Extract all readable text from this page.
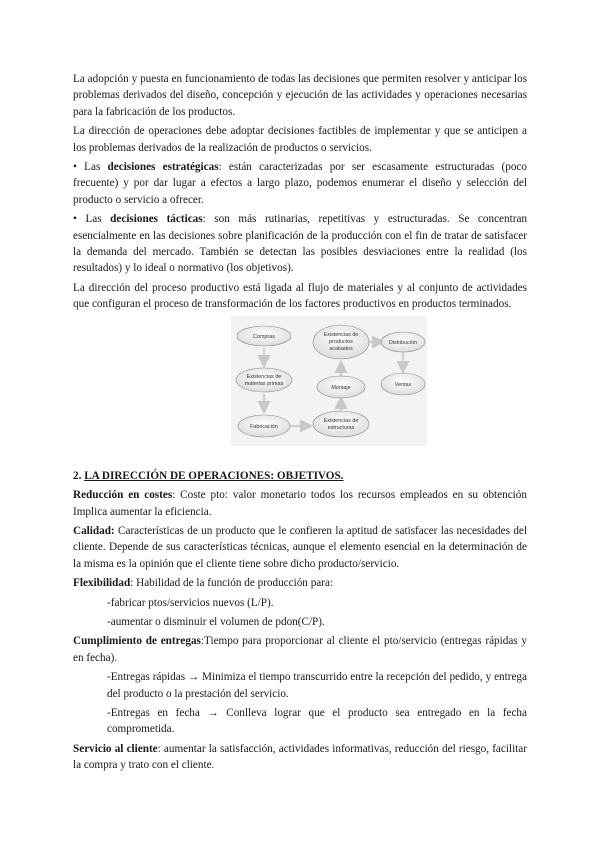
La adopción y puesta en funcionamiento de todas las decisiones que permiten resolver y anticipar los problemas derivados del diseño, concepción y ejecución de las actividades y operaciones necesarias para la fabricación de los productos.

La dirección de operaciones debe adoptar decisiones factibles de implementar y que se anticipen a los problemas derivados de la realización de productos o servicios.

• Las decisiones estratégicas: están caracterizadas por ser escasamente estructuradas (poco frecuente) y por dar lugar a efectos a largo plazo, podemos enumerar el diseño y selección del producto o servicio a ofrecer.

• Las decisiones tácticas: son más rutinarias, repetitivas y estructuradas. Se concentran esencialmente en las decisiones sobre planificación de la producción con el fin de tratar de satisfacer la demanda del mercado. También se detectan las posibles desviaciones entre la realidad (los resultados) y lo ideal o normativo (los objetivos).

La dirección del proceso productivo está ligada al flujo de materiales y al conjunto de actividades que configuran el proceso de transformación de los factores productivos en productos terminados.

Compras
Existencias de
materias primas
Fabricación
Existencias de
productos
acabados
Montaje
Existencias de
estructuras
Distribución
Ventas

2. LA DIRECCIÓN DE OPERACIONES: OBJETIVOS.

Reducción en costes: Coste pto: valor monetario todos los recursos empleados en su obtención Implica aumentar la eficiencia.

Calidad: Características de un producto que le confieren la aptitud de satisfacer las necesidades del cliente. Depende de sus características técnicas, aunque el elemento esencial en la determinación de la misma es la opinión que el cliente tiene sobre dicho producto/servicio.

Flexibilidad: Habilidad de la función de producción para:

-fabricar ptos/servicios nuevos (L/P).

-aumentar o disminuir el volumen de pdon(C/P).

Cumplimiento de entregas:Tiempo para proporcionar al cliente el pto/servicio (entregas rápidas y en fecha).

-Entregas rápidas → Minimiza el tiempo transcurrido entre la recepción del pedido, y entrega del producto o la prestación del servicio.

-Entregas en fecha → Conlleva lograr que el producto sea entregado en la fecha comprometida.

Servicio al cliente: aumentar la satisfacción, actividades informativas, reducción del riesgo, facilitar la compra y trato con el cliente.
